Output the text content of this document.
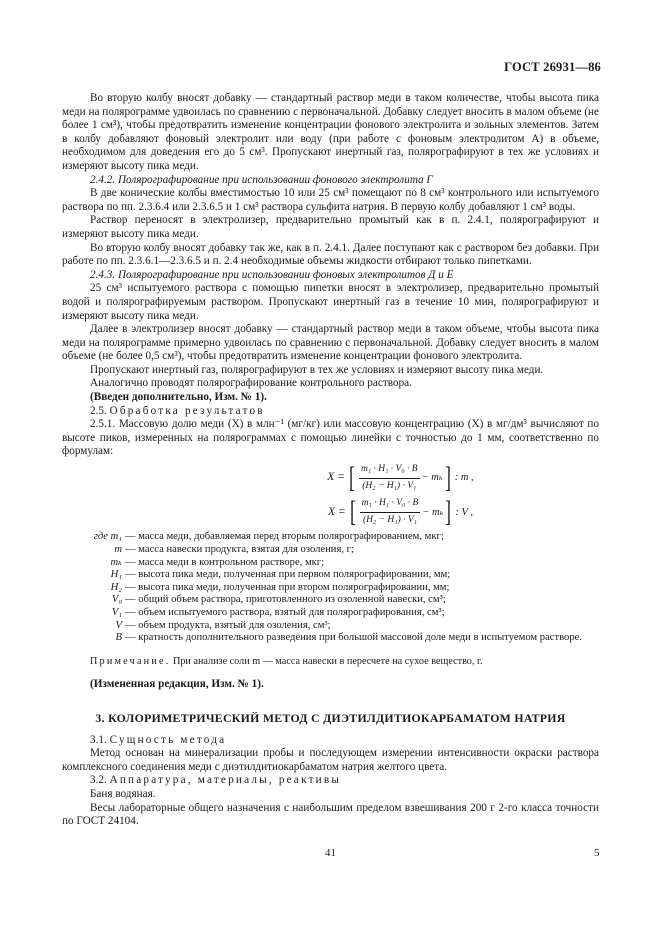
ГОСТ 26931—86

Во вторую колбу вносят добавку — стандартный раствор меди в таком количестве, чтобы высота пика меди на полярограмме удвоилась по сравнению с первоначальной. Добавку следует вносить в малом объеме (не более 1 см³), чтобы предотвратить изменение концентрации фонового электролита и зольных элементов. Затем в колбу добавляют фоновый электролит или воду (при работе с фоновым электролитом А) в объеме, необходимом для доведения его до 5 см³. Пропускают инертный газ, полярографируют в тех же условиях и измеряют высоту пика меди.

2.4.2. Полярографирование при использовании фонового электролита Г

В две конические колбы вместимостью 10 или 25 см³ помещают по 8 см³ контрольного или испытуемого раствора по пп. 2.3.6.4 или 2.3.6.5 и 1 см³ раствора сульфита натрия. В первую колбу добавляют 1 см³ воды.

Раствор переносят в электролизер, предварительно промытый как в п. 2.4.1, полярографируют и измеряют высоту пика меди.

Во вторую колбу вносят добавку так же, как в п. 2.4.1. Далее поступают как с раствором без добавки. При работе по пп. 2.3.6.1—2.3.6.5 и п. 2.4 необходимые объемы жидкости отбирают только пипетками.

2.4.3. Полярографирование при использовании фоновых электролитов Д и Е

25 см³ испытуемого раствора с помощью пипетки вносят в электролизер, предварительно промытый водой и полярографируемым раствором. Пропускают инертный газ в течение 10 мин, полярографируют и измеряют высоту пика меди.

Далее в электролизер вносят добавку — стандартный раствор меди в таком объеме, чтобы высота пика меди на полярограмме примерно удвоилась по сравнению с первоначальной. Добавку следует вносить в малом объеме (не более 0,5 см³), чтобы предотвратить изменение концентрации фонового электролита.

Пропускают инертный газ, полярографируют в тех же условиях и измеряют высоту пика меди.

Аналогично проводят полярографирование контрольного раствора.

(Введен дополнительно, Изм. № 1).

2.5. Обработка результатов

2.5.1. Массовую долю меди (X) в млн⁻¹ (мг/кг) или массовую концентрацию (X) в мг/дм³ вычисляют по высоте пиков, измеренных на полярограммах с помощью линейки с точностью до 1 мм, соответственно по формулам:

X = [ $\frac{\text{m₁ · H₁ · V₀ · B}}{\text{(H₂ − H₁) · V₁}} - m_k$ ] : m ,
X = [ $\frac{\text{m₁ · H₁ · V₀ · B}}{\text{(H₂ − H₁) · V₁}} - m_k$ ] : V ,
где m₁ — масса меди, добавляемая перед вторым полярографированием, мкг;
m — масса навески продукта, взятая для озоления, г;
mₖ — масса меди в контрольном растворе, мкг;
H₁ — высота пика меди, полученная при первом полярографировании, мм;
H₂ — высота пика меди, полученная при втором полярографировании, мм;
V₀ — общий объем раствора, приготовленного из озоленной навески, см³;
V₁ — объем испытуемого раствора, взятый для полярографирования, см³;
V — объем продукта, взятый для озоления, см³;
B — кратность дополнительного разведения при большой массовой доле меди в испытуемом растворе.

Примечание. При анализе соли m — масса навески в пересчете на сухое вещество, г.

(Измененная редакция, Изм. № 1).

3. КОЛОРИМЕТРИЧЕСКИЙ МЕТОД С ДИЭТИЛДИТИОКАРБАМАТОМ НАТРИЯ

3.1. Сущность метода

Метод основан на минерализации пробы и последующем измерении интенсивности окраски раствора комплексного соединения меди с диэтилдитиокарбаматом натрия желтого цвета.

3.2. Аппаратура, материалы, реактивы

Баня водяная.

Весы лабораторные общего назначения с наибольшим пределом взвешивания 200 г 2-го класса точности по ГОСТ 24104.

41	5
